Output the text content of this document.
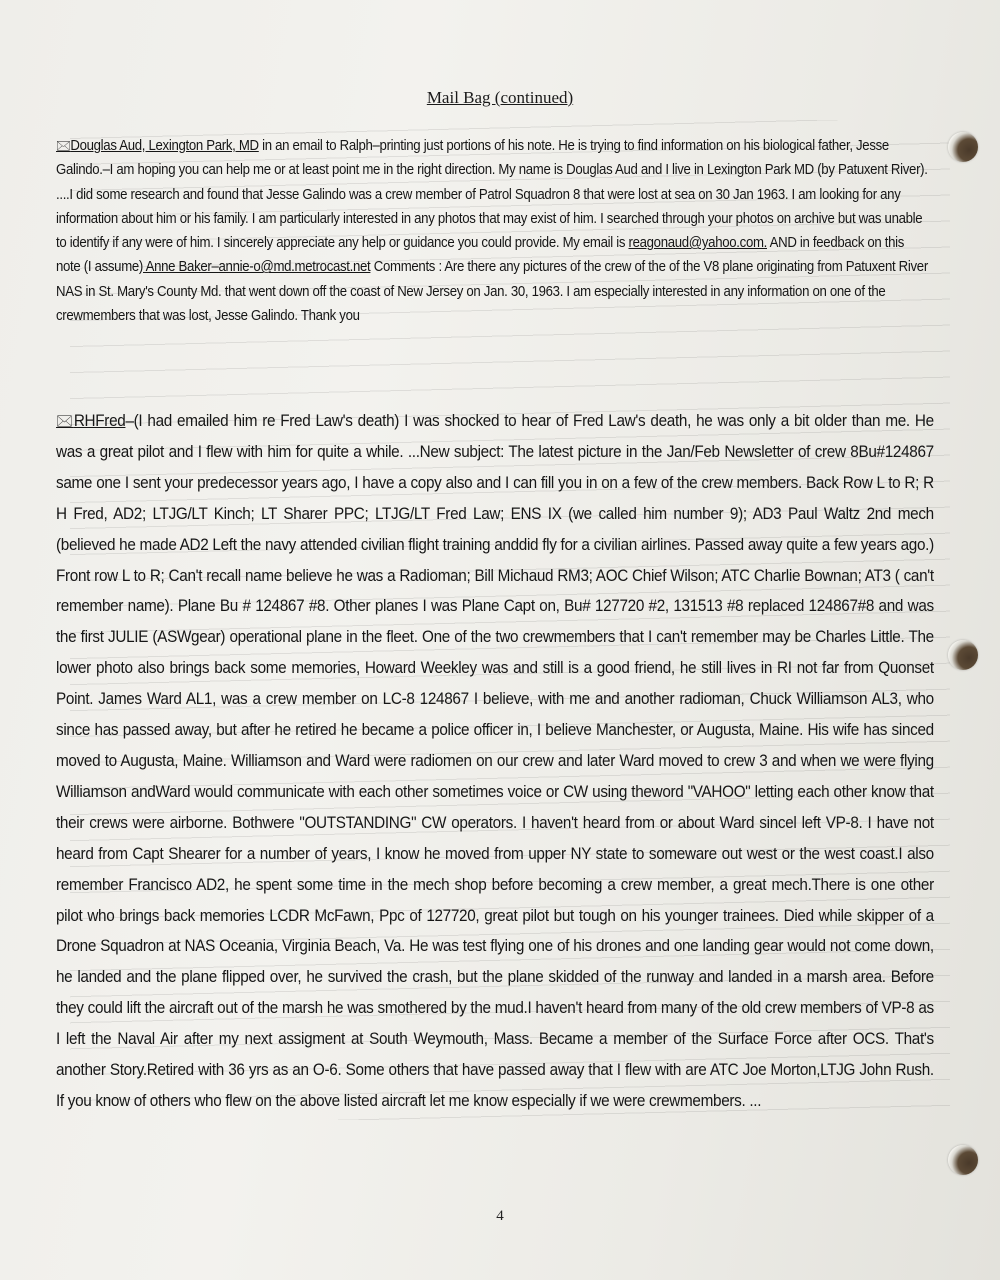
Mail Bag (continued)
🖂Douglas Aud, Lexington Park, MD in an email to Ralph–printing just portions of his note. He is trying to find information on his biological father, Jesse Galindo.–I am hoping you can help me or at least point me in the right direction. My name is Douglas Aud and I live in Lexington Park MD (by Patuxent River). ....I did some research and found that Jesse Galindo was a crew member of Patrol Squadron 8 that were lost at sea on 30 Jan 1963. I am looking for any information about him or his family. I am particularly interested in any photos that may exist of him. I searched through your photos on archive but was unable to identify if any were of him. I sincerely appreciate any help or guidance you could provide. My email is reagonaud@yahoo.com. AND in feedback on this note (I assume) Anne Baker–annie-o@md.metrocast.net Comments : Are there any pictures of the crew of the of the V8 plane originating from Patuxent River NAS in St. Mary's County Md. that went down off the coast of New Jersey on Jan. 30, 1963. I am especially interested in any information on one of the crewmembers that was lost, Jesse Galindo. Thank you
🖂RHFred–(I had emailed him re Fred Law's death) I was shocked to hear of Fred Law's death, he was only a bit older than me. He was a great pilot and I flew with him for quite a while. ...New subject: The latest picture in the Jan/Feb Newsletter of crew 8Bu#124867 same one I sent your predecessor years ago, I have a copy also and I can fill you in on a few of the crew members. Back Row L to R; R H Fred, AD2; LTJG/LT Kinch; LT Sharer PPC; LTJG/LT Fred Law; ENS IX (we called him number 9); AD3 Paul Waltz 2nd mech (believed he made AD2 Left the navy attended civilian flight training anddid fly for a civilian airlines. Passed away quite a few years ago.) Front row L to R; Can't recall name believe he was a Radioman; Bill Michaud RM3; AOC Chief Wilson; ATC Charlie Bownan; AT3 ( can't remember name). Plane Bu # 124867 #8. Other planes I was Plane Capt on, Bu# 127720 #2, 131513 #8 replaced 124867#8 and was the first JULIE (ASWgear) operational plane in the fleet. One of the two crewmembers that I can't remember may be Charles Little. The lower photo also brings back some memories, Howard Weekley was and still is a good friend, he still lives in RI not far from Quonset Point. James Ward AL1, was a crew member on LC-8 124867 I believe, with me and another radioman, Chuck Williamson AL3, who since has passed away, but after he retired he became a police officer in, I believe Manchester, or Augusta, Maine. His wife has sinced moved to Augusta, Maine. Williamson and Ward were radiomen on our crew and later Ward moved to crew 3 and when we were flying Williamson andWard would communicate with each other sometimes voice or CW using theword "VAHOO" letting each other know that their crews were airborne. Bothwere "OUTSTANDING" CW operators. I haven't heard from or about Ward sincel left VP-8. I have not heard from Capt Shearer for a number of years, I know he moved from upper NY state to someware out west or the west coast.I also remember Francisco AD2, he spent some time in the mech shop before becoming a crew member, a great mech.There is one other pilot who brings back memories LCDR McFawn, Ppc of 127720, great pilot but tough on his younger trainees. Died while skipper of a Drone Squadron at NAS Oceania, Virginia Beach, Va. He was test flying one of his drones and one landing gear would not come down, he landed and the plane flipped over, he survived the crash, but the plane skidded of the runway and landed in a marsh area. Before they could lift the aircraft out of the marsh he was smothered by the mud.I haven't heard from many of the old crew members of VP-8 as I left the Naval Air after my next assigment at South Weymouth, Mass. Became a member of the Surface Force after OCS. That's another Story.Retired with 36 yrs as an O-6. Some others that have passed away that I flew with are ATC Joe Morton,LTJG John Rush. If you know of others who flew on the above listed aircraft let me know especially if we were crewmembers. ...
4
